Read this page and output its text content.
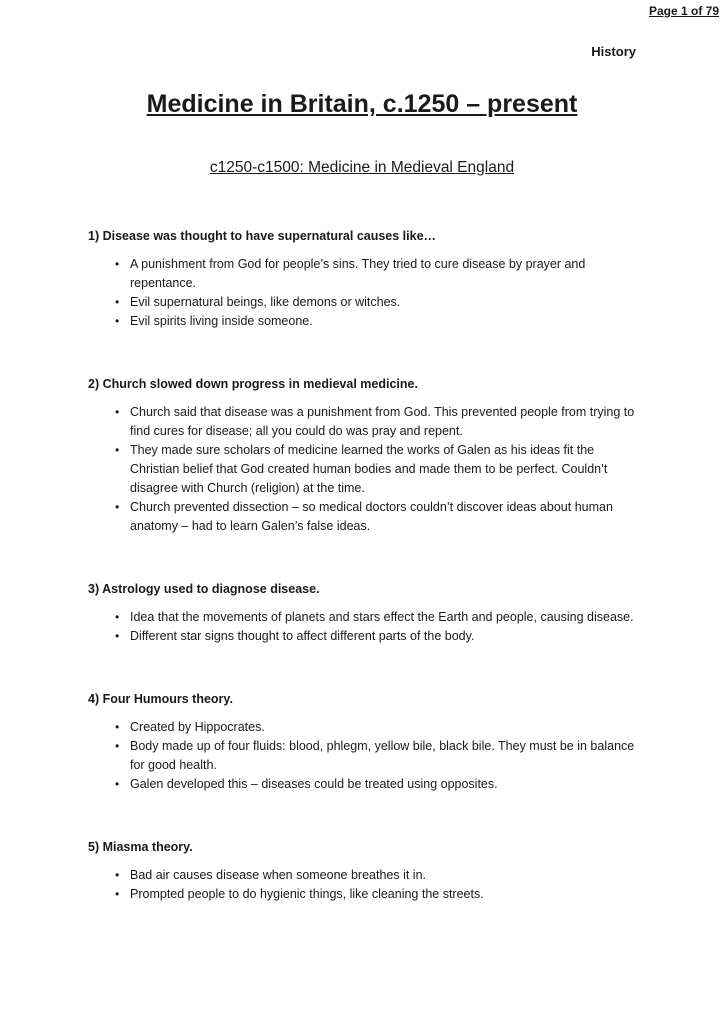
Page 1 of 79
History
Medicine in Britain, c.1250 – present
c1250-c1500: Medicine in Medieval England
1) Disease was thought to have supernatural causes like…
• A punishment from God for people’s sins. They tried to cure disease by prayer and repentance.
• Evil supernatural beings, like demons or witches.
• Evil spirits living inside someone.
2) Church slowed down progress in medieval medicine.
• Church said that disease was a punishment from God. This prevented people from trying to find cures for disease; all you could do was pray and repent.
• They made sure scholars of medicine learned the works of Galen as his ideas fit the Christian belief that God created human bodies and made them to be perfect. Couldn’t disagree with Church (religion) at the time.
• Church prevented dissection – so medical doctors couldn’t discover ideas about human anatomy – had to learn Galen’s false ideas.
3) Astrology used to diagnose disease.
• Idea that the movements of planets and stars effect the Earth and people, causing disease.
• Different star signs thought to affect different parts of the body.
4) Four Humours theory.
• Created by Hippocrates.
• Body made up of four fluids: blood, phlegm, yellow bile, black bile. They must be in balance for good health.
• Galen developed this – diseases could be treated using opposites.
5) Miasma theory.
• Bad air causes disease when someone breathes it in.
• Prompted people to do hygienic things, like cleaning the streets.
